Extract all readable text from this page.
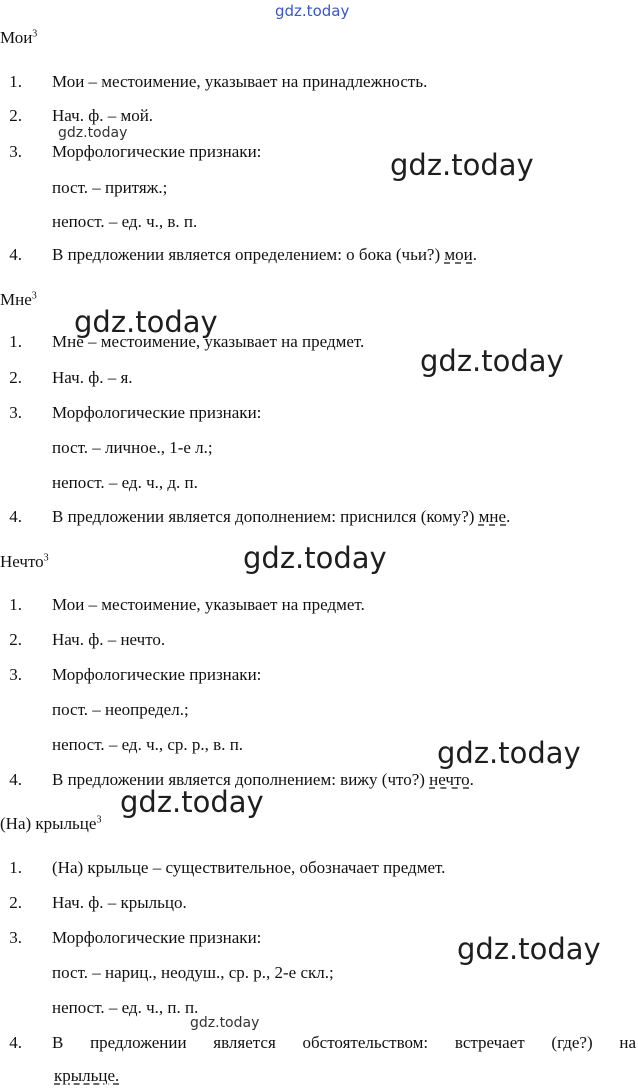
gdz.today
Мои$^3$
1. Мои – местоимение, указывает на принадлежность.
2. Нач. ф. – мой.
3. Морфологические признаки:
пост. – притяж.;
непост. – ед. ч., в. п.
4. В предложении является определением: о бока (чьи?) мои.
Мне$^3$
1. Мне – местоимение, указывает на предмет.
2. Нач. ф. – я.
3. Морфологические признаки:
пост. – личное., 1-е л.;
непост. – ед. ч., д. п.
4. В предложении является дополнением: приснился (кому?) мне.
Нечто$^3$
1. Мои – местоимение, указывает на предмет.
2. Нач. ф. – нечто.
3. Морфологические признаки:
пост. – неопредел.;
непост. – ед. ч., ср. р., в. п.
4. В предложении является дополнением: вижу (что?) нечто.
(На) крыльце$^3$
1. (На) крыльце – существительное, обозначает предмет.
2. Нач. ф. – крыльцо.
3. Морфологические признаки:
пост. – нариц., неодуш., ср. р., 2-е скл.;
непост. – ед. ч., п. п.
4. В предложении является обстоятельством: встречает (где?) на
крыльце.
gdz.today
gdz.today
gdz.today
gdz.today
gdz.today
gdz.today
gdz.today
gdz.today
gdz.today
